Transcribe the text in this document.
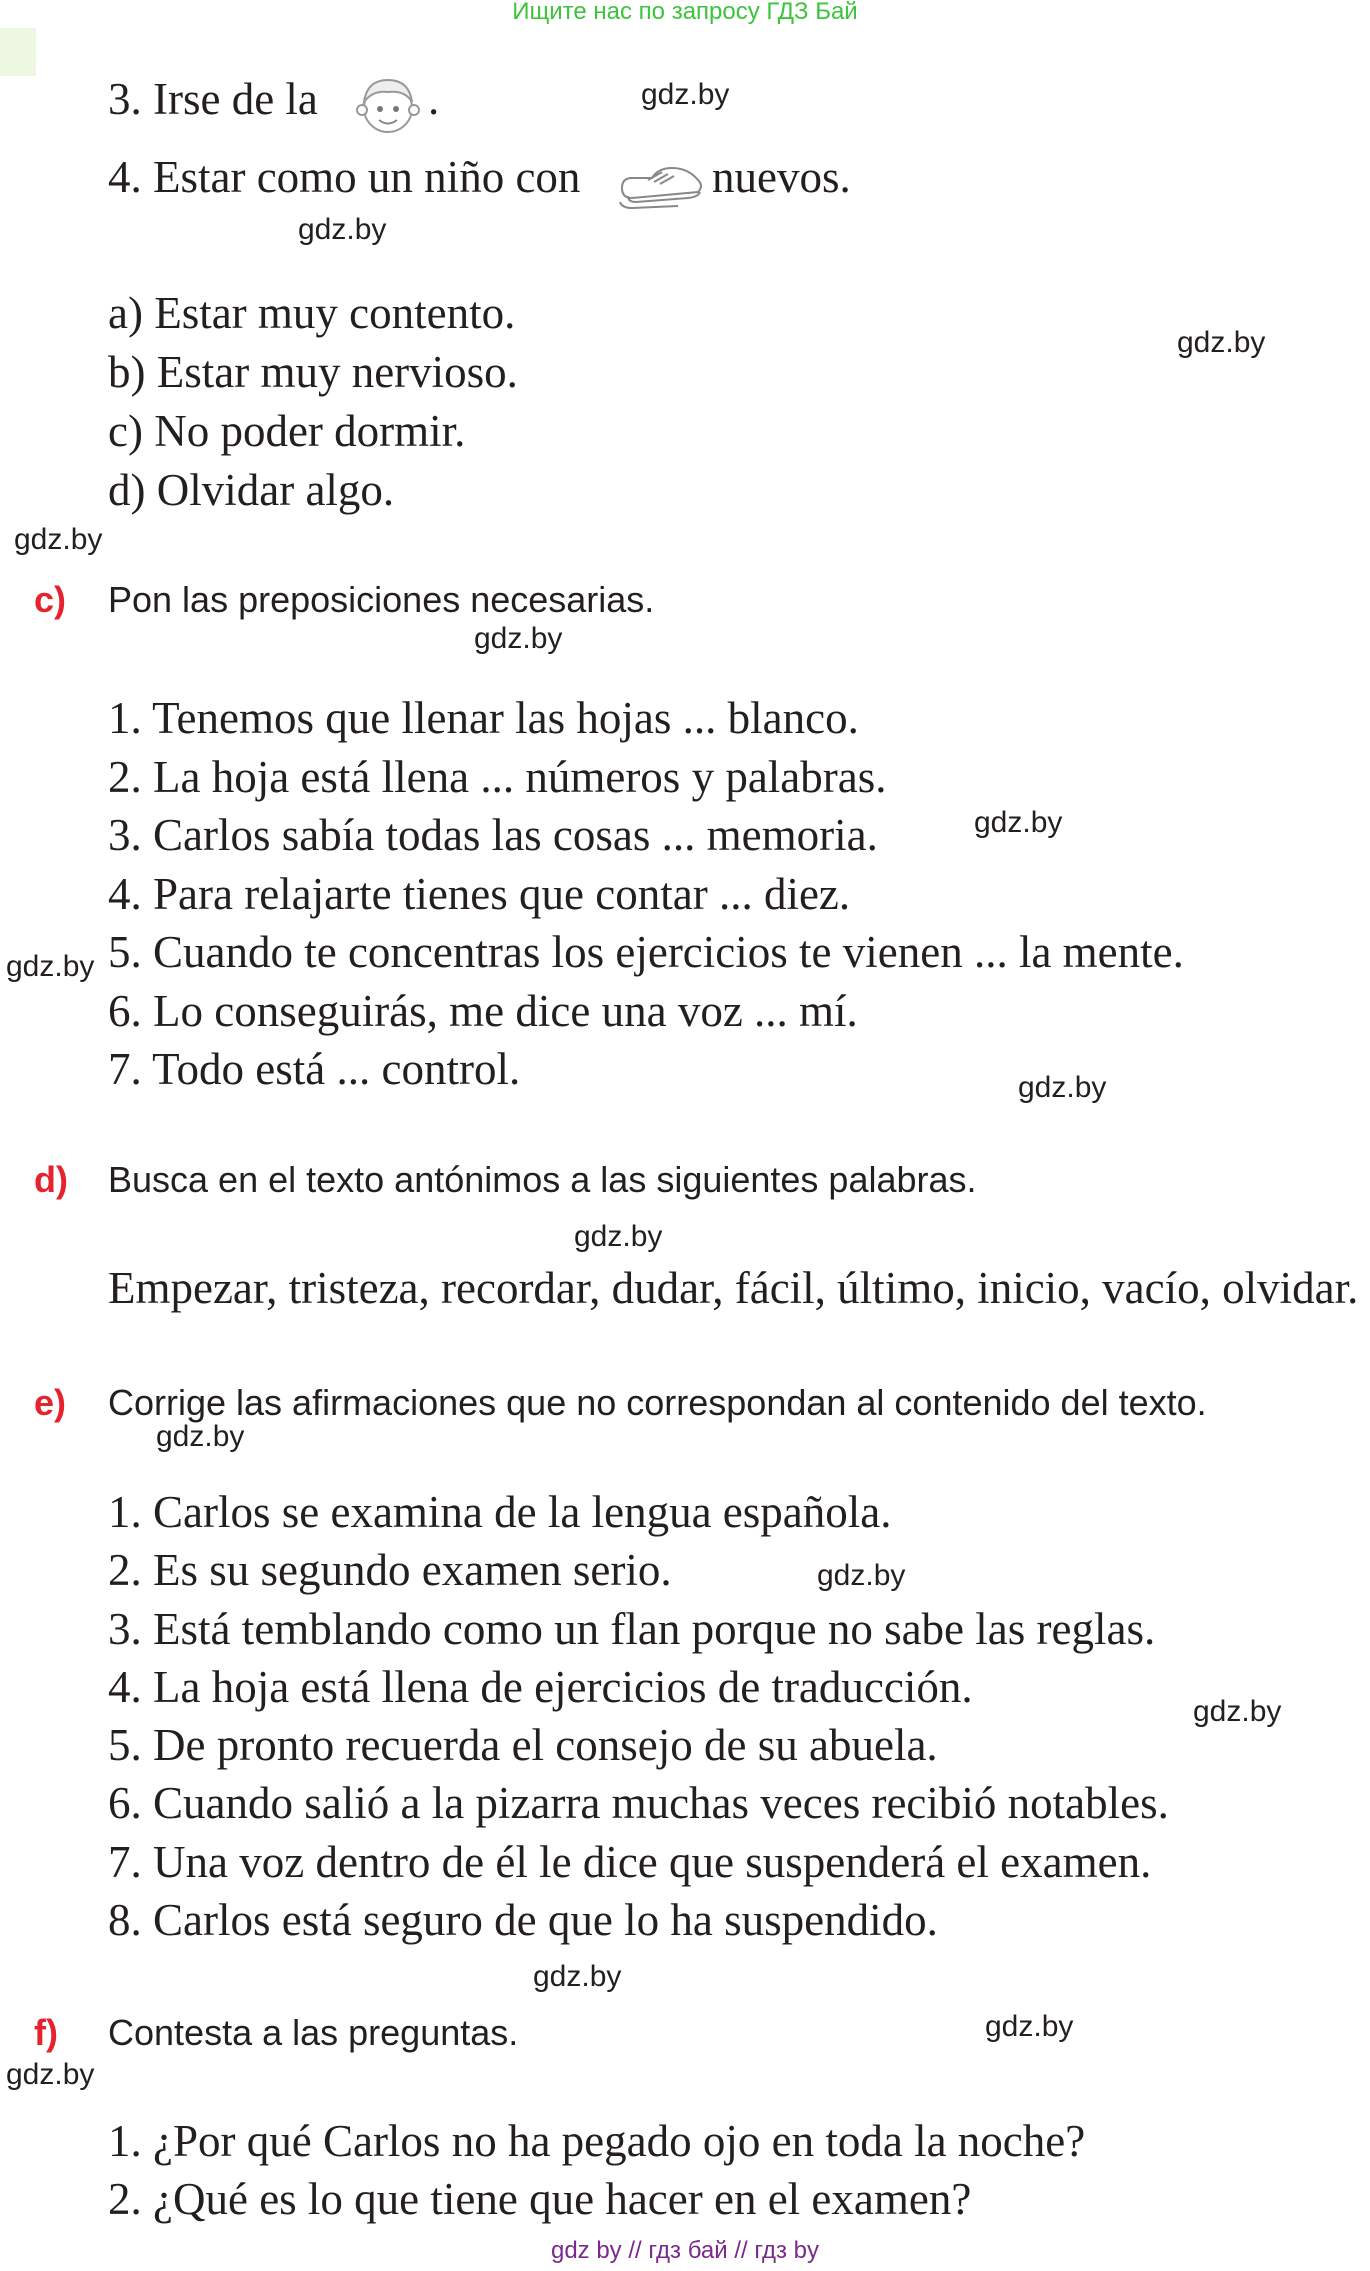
Ищите нас по запросу ГДЗ Бай
3. Irse de la .
4. Estar como un niño con	nuevos.
a) Estar muy contento.
b) Estar muy nervioso.
c) No poder dormir.
d) Olvidar algo.
c) Pon las preposiciones necesarias.
1. Tenemos que llenar las hojas ... blanco.
2. La hoja está llena ... números y palabras.
3. Carlos sabía todas las cosas ... memoria.
4. Para relajarte tienes que contar ... diez.
5. Cuando te concentras los ejercicios te vienen ... la mente.
6. Lo conseguirás, me dice una voz ... mí.
7. Todo está ... control.
d) Busca en el texto antónimos a las siguientes palabras.
Empezar, tristeza, recordar, dudar, fácil, último, inicio, vacío, olvidar.
e) Corrige las afirmaciones que no correspondan al contenido del texto.
1. Carlos se examina de la lengua española.
2. Es su segundo examen serio.
3. Está temblando como un flan porque no sabe las reglas.
4. La hoja está llena de ejercicios de traducción.
5. De pronto recuerda el consejo de su abuela.
6. Cuando salió a la pizarra muchas veces recibió notables.
7. Una voz dentro de él le dice que suspenderá el examen.
8. Carlos está seguro de que lo ha suspendido.
f) Contesta a las preguntas.
1. ¿Por qué Carlos no ha pegado ojo en toda la noche?
2. ¿Qué es lo que tiene que hacer en el examen?
gdz.by
gdz.by
gdz.by
gdz.by
gdz.by
gdz.by
gdz.by
gdz.by
gdz.by
gdz.by
gdz.by
gdz.by
gdz.by
gdz.by
gdz.by
gdz by // гдз бай // гдз by
